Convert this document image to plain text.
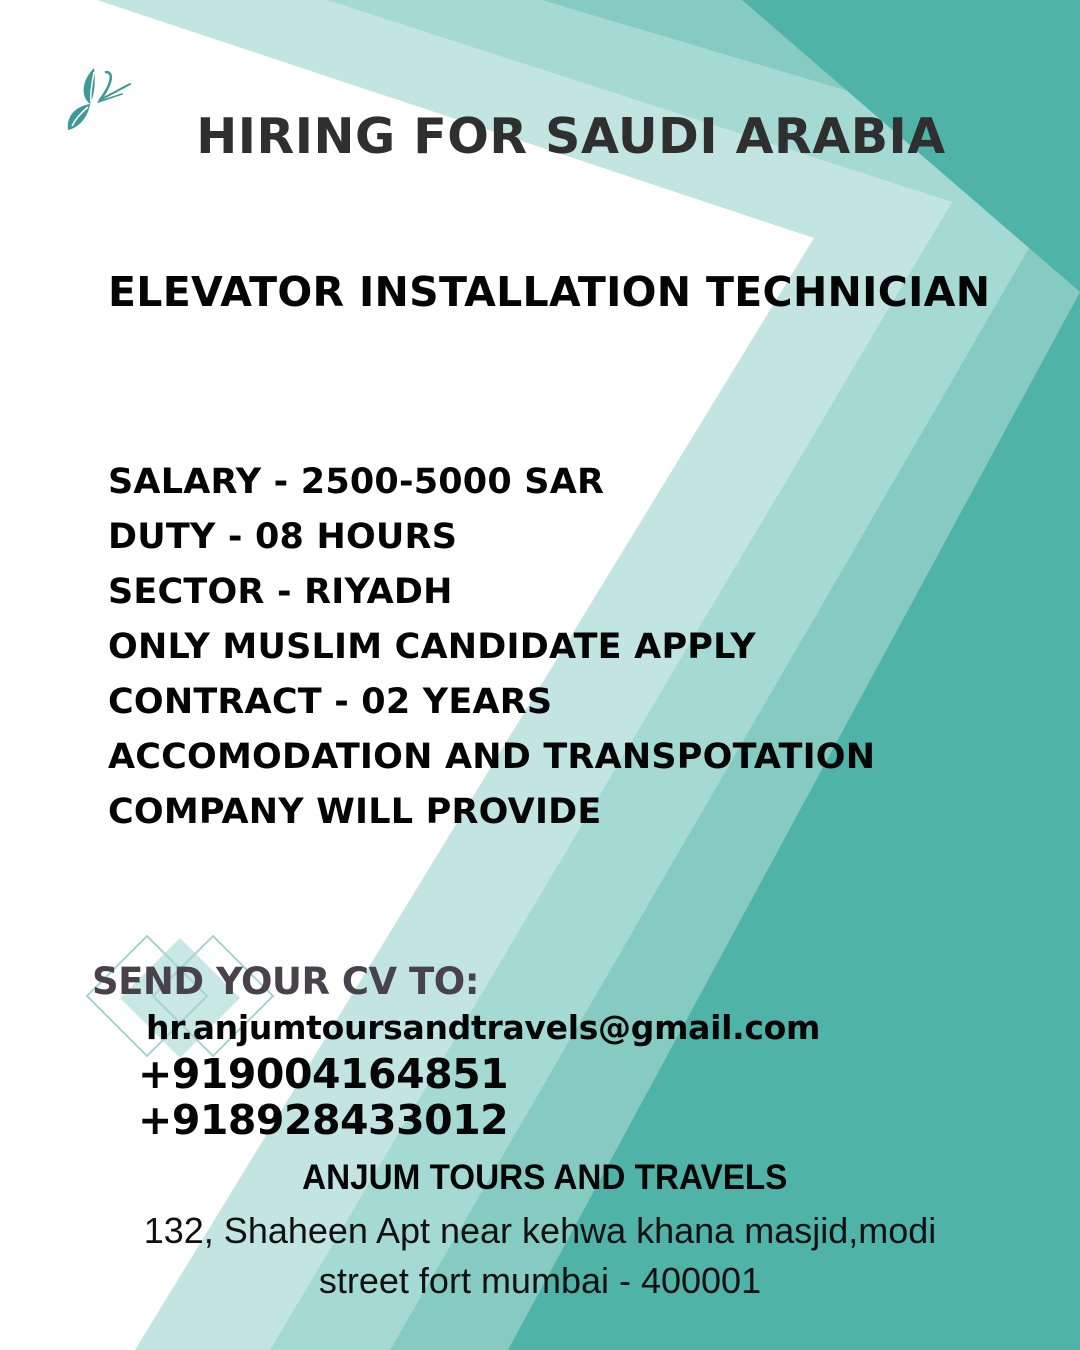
HIRING FOR SAUDI ARABIA
ELEVATOR INSTALLATION TECHNICIAN
SALARY - 2500-5000 SAR
DUTY - 08 HOURS
SECTOR - RIYADH
ONLY MUSLIM CANDIDATE APPLY
CONTRACT - 02 YEARS
ACCOMODATION AND TRANSPOTATION
COMPANY WILL PROVIDE
SEND YOUR CV TO:
hr.anjumtoursandtravels@gmail.com
+919004164851
+918928433012
ANJUM TOURS AND TRAVELS
132, Shaheen Apt near kehwa khana masjid,modi
street fort mumbai - 400001
